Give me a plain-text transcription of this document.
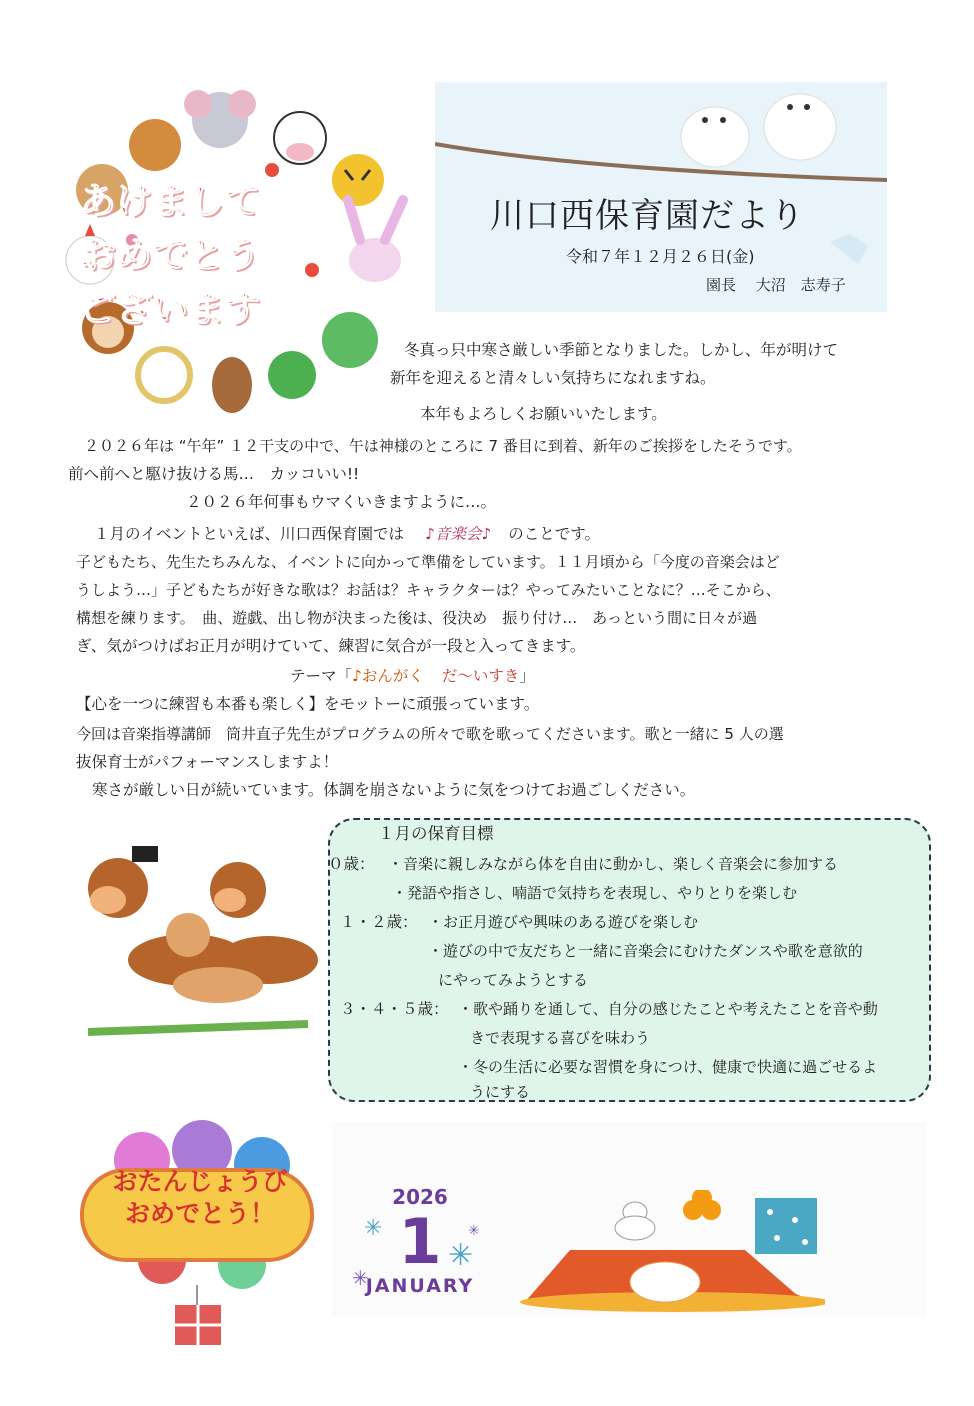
川口西保育園だより
令和７年１２月２６日(金)
園長　 大沼　志寿子
あけまして
おめでとう
ございます
冬真っ只中寒さ厳しい季節となりました。しかし、年が明けて
新年を迎えると清々しい気持ちになれますね。
本年もよろしくお願いいたします。
２０２６年は “午年” １２干支の中で、午は神様のところに 7 番目に到着、新年のご挨拶をしたそうです。
前へ前へと駆け抜ける馬…　カッコいい!!
２０２６年何事もウマくいきますように…。
１月のイベントといえば、川口西保育園では ♪音楽会♪ のことです。
子どもたち、先生たちみんな、イベントに向かって準備をしています。１１月頃から「今度の音楽会はど
うしよう…」子どもたちが好きな歌は？お話は？キャラクターは？やってみたいことなに？…そこから、
構想を練ります。　曲、遊戯、出し物が決まった後は、役決め　振り付け…　あっという間に日々が過
ぎ、気がつけばお正月が明けていて、練習に気合が一段と入ってきます。
テーマ「♪おんがく だ〜いすき」
【心を一つに練習も本番も楽しく】をモットーに頑張っています。
今回は音楽指導講師　筒井直子先生がプログラムの所々で歌を歌ってくださいます。歌と一緒に 5 人の選
抜保育士がパフォーマンスしますよ！
寒さが厳しい日が続いています。体調を崩さないように気をつけてお過ごしください。
１月の保育目標
０歳： ・音楽に親しみながら体を自由に動かし、楽しく音楽会に参加する
・発語や指さし、喃語で気持ちを表現し、やりとりを楽しむ
１・２歳： ・お正月遊びや興味のある遊びを楽しむ
・遊びの中で友だちと一緒に音楽会にむけたダンスや歌を意欲的
にやってみようとする
３・４・５歳： ・歌や踊りを通して、自分の感じたことや考えたことを音や動
きで表現する喜びを味わう
・冬の生活に必要な習慣を身につけ、健康で快適に過ごせるよ
うにする
おたんじょうび
おめでとう！
2026
1
JANUARY
✳
✳
✳
✳
